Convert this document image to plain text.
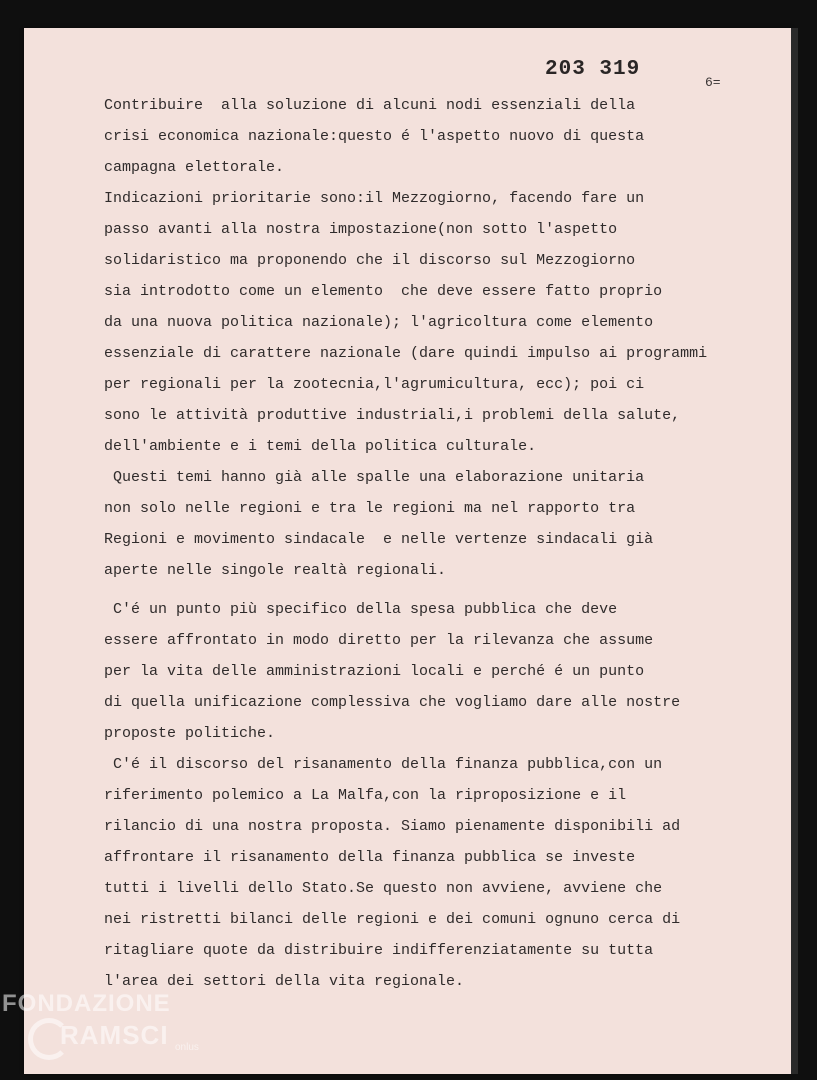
203 319
6=
Contribuire  alla soluzione di alcuni nodi essenziali della
crisi economica nazionale:questo é l'aspetto nuovo di questa
campagna elettorale.
Indicazioni prioritarie sono:il Mezzogiorno, facendo fare un
passo avanti alla nostra impostazione(non sotto l'aspetto
solidaristico ma proponendo che il discorso sul Mezzogiorno
sia introdotto come un elemento  che deve essere fatto proprio
da una nuova politica nazionale); l'agricoltura come elemento
essenziale di carattere nazionale (dare quindi impulso ai programmi
per regionali per la zootecnia,l'agrumicultura, ecc); poi ci
sono le attività produttive industriali,i problemi della salute,
dell'ambiente e i temi della politica culturale.
Questi temi hanno già alle spalle una elaborazione unitaria
non solo nelle regioni e tra le regioni ma nel rapporto tra
Regioni e movimento sindacale  e nelle vertenze sindacali già
aperte nelle singole realtà regionali.
C'é un punto più specifico della spesa pubblica che deve
essere affrontato in modo diretto per la rilevanza che assume
per la vita delle amministrazioni locali e perché é un punto
di quella unificazione complessiva che vogliamo dare alle nostre
proposte politiche.
C'é il discorso del risanamento della finanza pubblica,con un
riferimento polemico a La Malfa,con la riproposizione e il
rilancio di una nostra proposta. Siamo pienamente disponibili ad
affrontare il risanamento della finanza pubblica se investe
tutti i livelli dello Stato.Se questo non avviene, avviene che
nei ristretti bilanci delle regioni e dei comuni ognuno cerca di
ritagliare quote da distribuire indifferenziatamente su tutta
l'area dei settori della vita regionale.
FONDAZIONE
RAMSCI onlus
